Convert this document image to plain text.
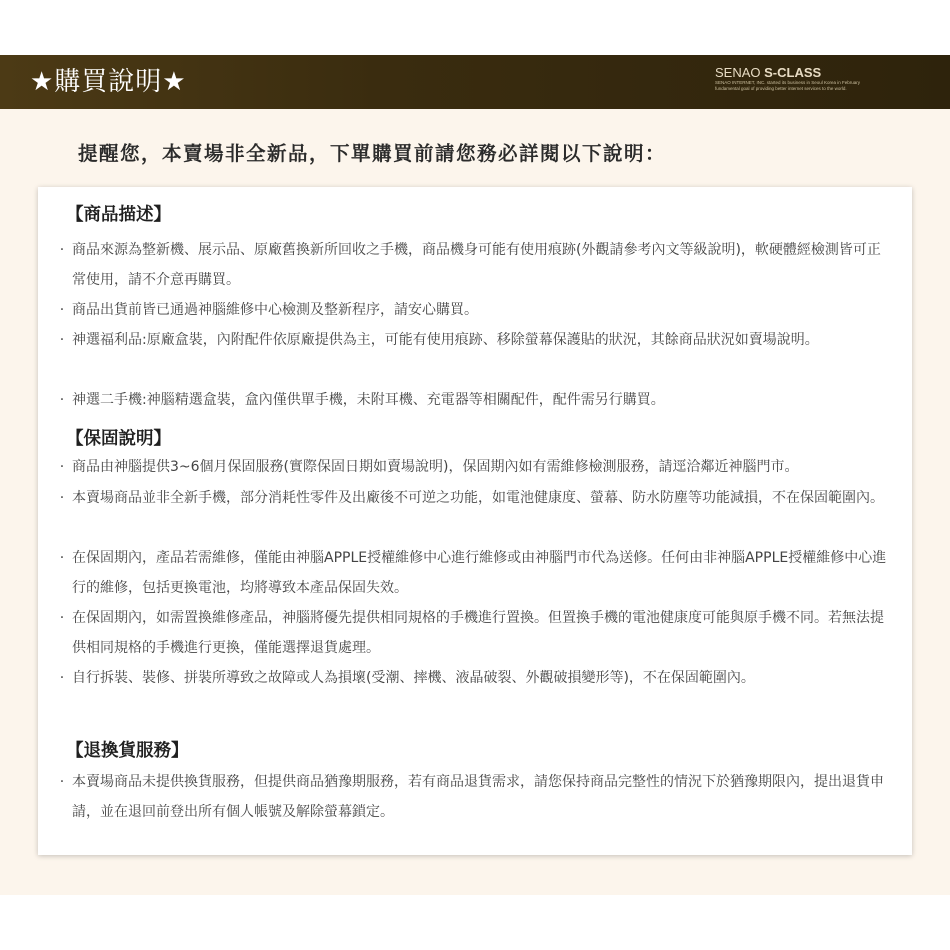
★購買說明★	SENAO S-CLASS
SENAO INTERNET, INC. started its business in Seoul Korea in February
fundamental goal of providing better internet services to the world.
提醒您，本賣場非全新品，下單購買前請您務必詳閱以下說明：
【商品描述】
· 商品來源為整新機、展示品、原廠舊換新所回收之手機，商品機身可能有使用痕跡(外觀請參考內文等級說明)，軟硬體經檢測皆可正常使用，請不介意再購買。
· 商品出貨前皆已通過神腦維修中心檢測及整新程序，請安心購買。
· 神選福利品:原廠盒裝，內附配件依原廠提供為主，可能有使用痕跡、移除螢幕保護貼的狀況，其餘商品狀況如賣場說明。
· 神選二手機:神腦精選盒裝，盒內僅供單手機，未附耳機、充電器等相關配件，配件需另行購買。
【保固說明】
· 商品由神腦提供3~6個月保固服務(實際保固日期如賣場說明)，保固期內如有需維修檢測服務，請逕洽鄰近神腦門市。
· 本賣場商品並非全新手機，部分消耗性零件及出廠後不可逆之功能，如電池健康度、螢幕、防水防塵等功能減損，不在保固範圍內。
· 在保固期內，產品若需維修，僅能由神腦APPLE授權維修中心進行維修或由神腦門市代為送修。任何由非神腦APPLE授權維修中心進行的維修，包括更換電池，均將導致本產品保固失效。
· 在保固期內，如需置換維修產品，神腦將優先提供相同規格的手機進行置換。但置換手機的電池健康度可能與原手機不同。若無法提供相同規格的手機進行更換，僅能選擇退貨處理。
· 自行拆裝、裝修、拼裝所導致之故障或人為損壞(受潮、摔機、液晶破裂、外觀破損變形等)，不在保固範圍內。
【退換貨服務】
· 本賣場商品未提供換貨服務，但提供商品猶豫期服務，若有商品退貨需求，請您保持商品完整性的情況下於猶豫期限內，提出退貨申請，並在退回前登出所有個人帳號及解除螢幕鎖定。
